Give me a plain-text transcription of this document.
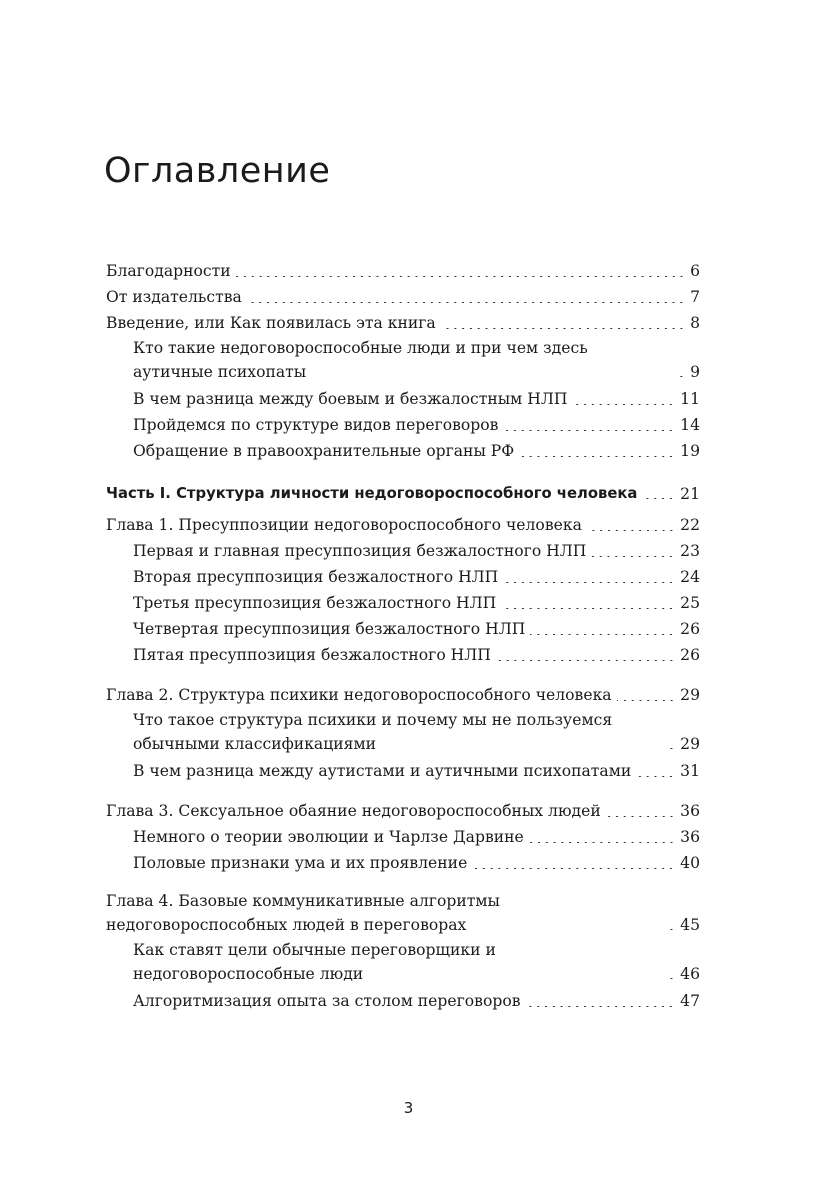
Оглавление
Благодарности	6
От издательства	7
Введение, или Как появилась эта книга	8
Кто такие недоговороспособные люди и при чем здесь аутичные психопаты	9
В чем разница между боевым и безжалостным НЛП	11
Пройдемся по структуре видов переговоров	14
Обращение в правоохранительные органы РФ	19
Часть I. Структура личности недоговороспособного человека	21
Глава 1. Пресуппозиции недоговороспособного человека	22
Первая и главная пресуппозиция безжалостного НЛП	23
Вторая пресуппозиция безжалостного НЛП	24
Третья пресуппозиция безжалостного НЛП	25
Четвертая пресуппозиция безжалостного НЛП	26
Пятая пресуппозиция безжалостного НЛП	26
Глава 2. Структура психики недоговороспособного человека	29
Что такое структура психики и почему мы не пользуемся обычными классификациями	29
В чем разница между аутистами и аутичными психопатами	31
Глава 3. Сексуальное обаяние недоговороспособных людей	36
Немного о теории эволюции и Чарлзе Дарвине	36
Половые признаки ума и их проявление	40
Глава 4. Базовые коммуникативные алгоритмы недоговороспособных людей в переговорах	45
Как ставят цели обычные переговорщики и недоговороспособные люди	46
Алгоритмизация опыта за столом переговоров	47
3
